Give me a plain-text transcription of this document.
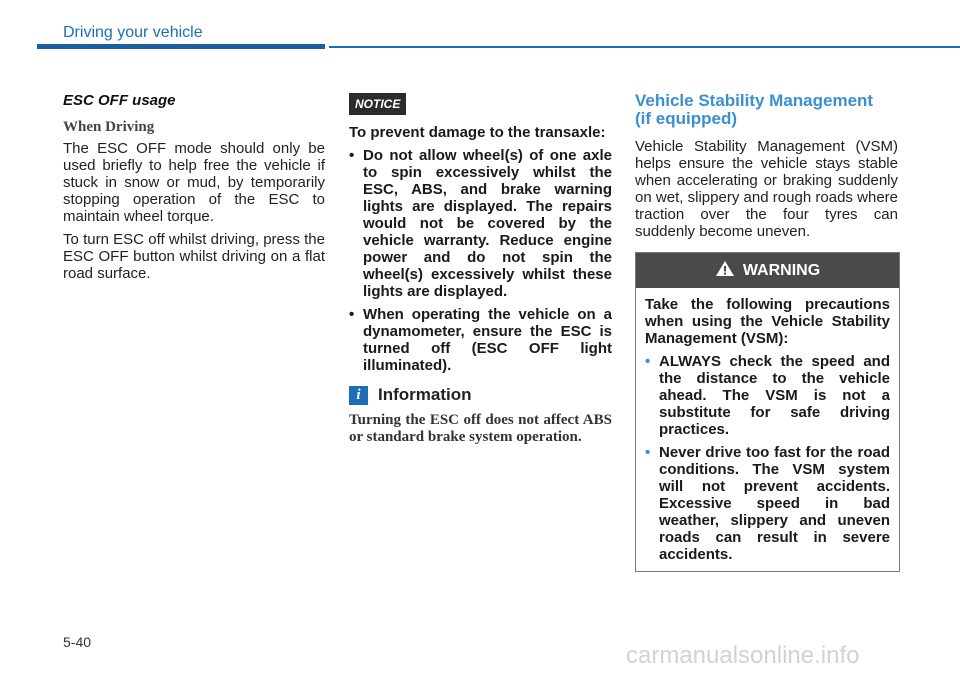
Driving your vehicle
ESC OFF usage
When Driving

The ESC OFF mode should only be used briefly to help free the vehicle if stuck in snow or mud, by temporarily stopping operation of the ESC to maintain wheel torque.

To turn ESC off whilst driving, press the ESC OFF button whilst driving on a flat road surface.

NOTICE
To prevent damage to the transaxle:
• Do not allow wheel(s) of one axle to spin excessively whilst the ESC, ABS, and brake warning lights are displayed. The repairs would not be covered by the vehicle warranty. Reduce engine power and do not spin the wheel(s) excessively whilst these lights are displayed.
• When operating the vehicle on a dynamometer, ensure the ESC is turned off (ESC OFF light illuminated).
i	Information
Turning the ESC off does not affect ABS or standard brake system operation.
Vehicle Stability Management
(if equipped)

Vehicle Stability Management (VSM) helps ensure the vehicle stays stable when accelerating or braking suddenly on wet, slippery and rough roads where traction over the four tyres can suddenly become uneven.

WARNING
Take the following precautions when using the Vehicle Stability Management (VSM):
• ALWAYS check the speed and the distance to the vehicle ahead. The VSM is not a substitute for safe driving practices.
• Never drive too fast for the road conditions. The VSM system will not prevent accidents. Excessive speed in bad weather, slippery and uneven roads can result in severe accidents.
5-40	carmanualsonline.info
